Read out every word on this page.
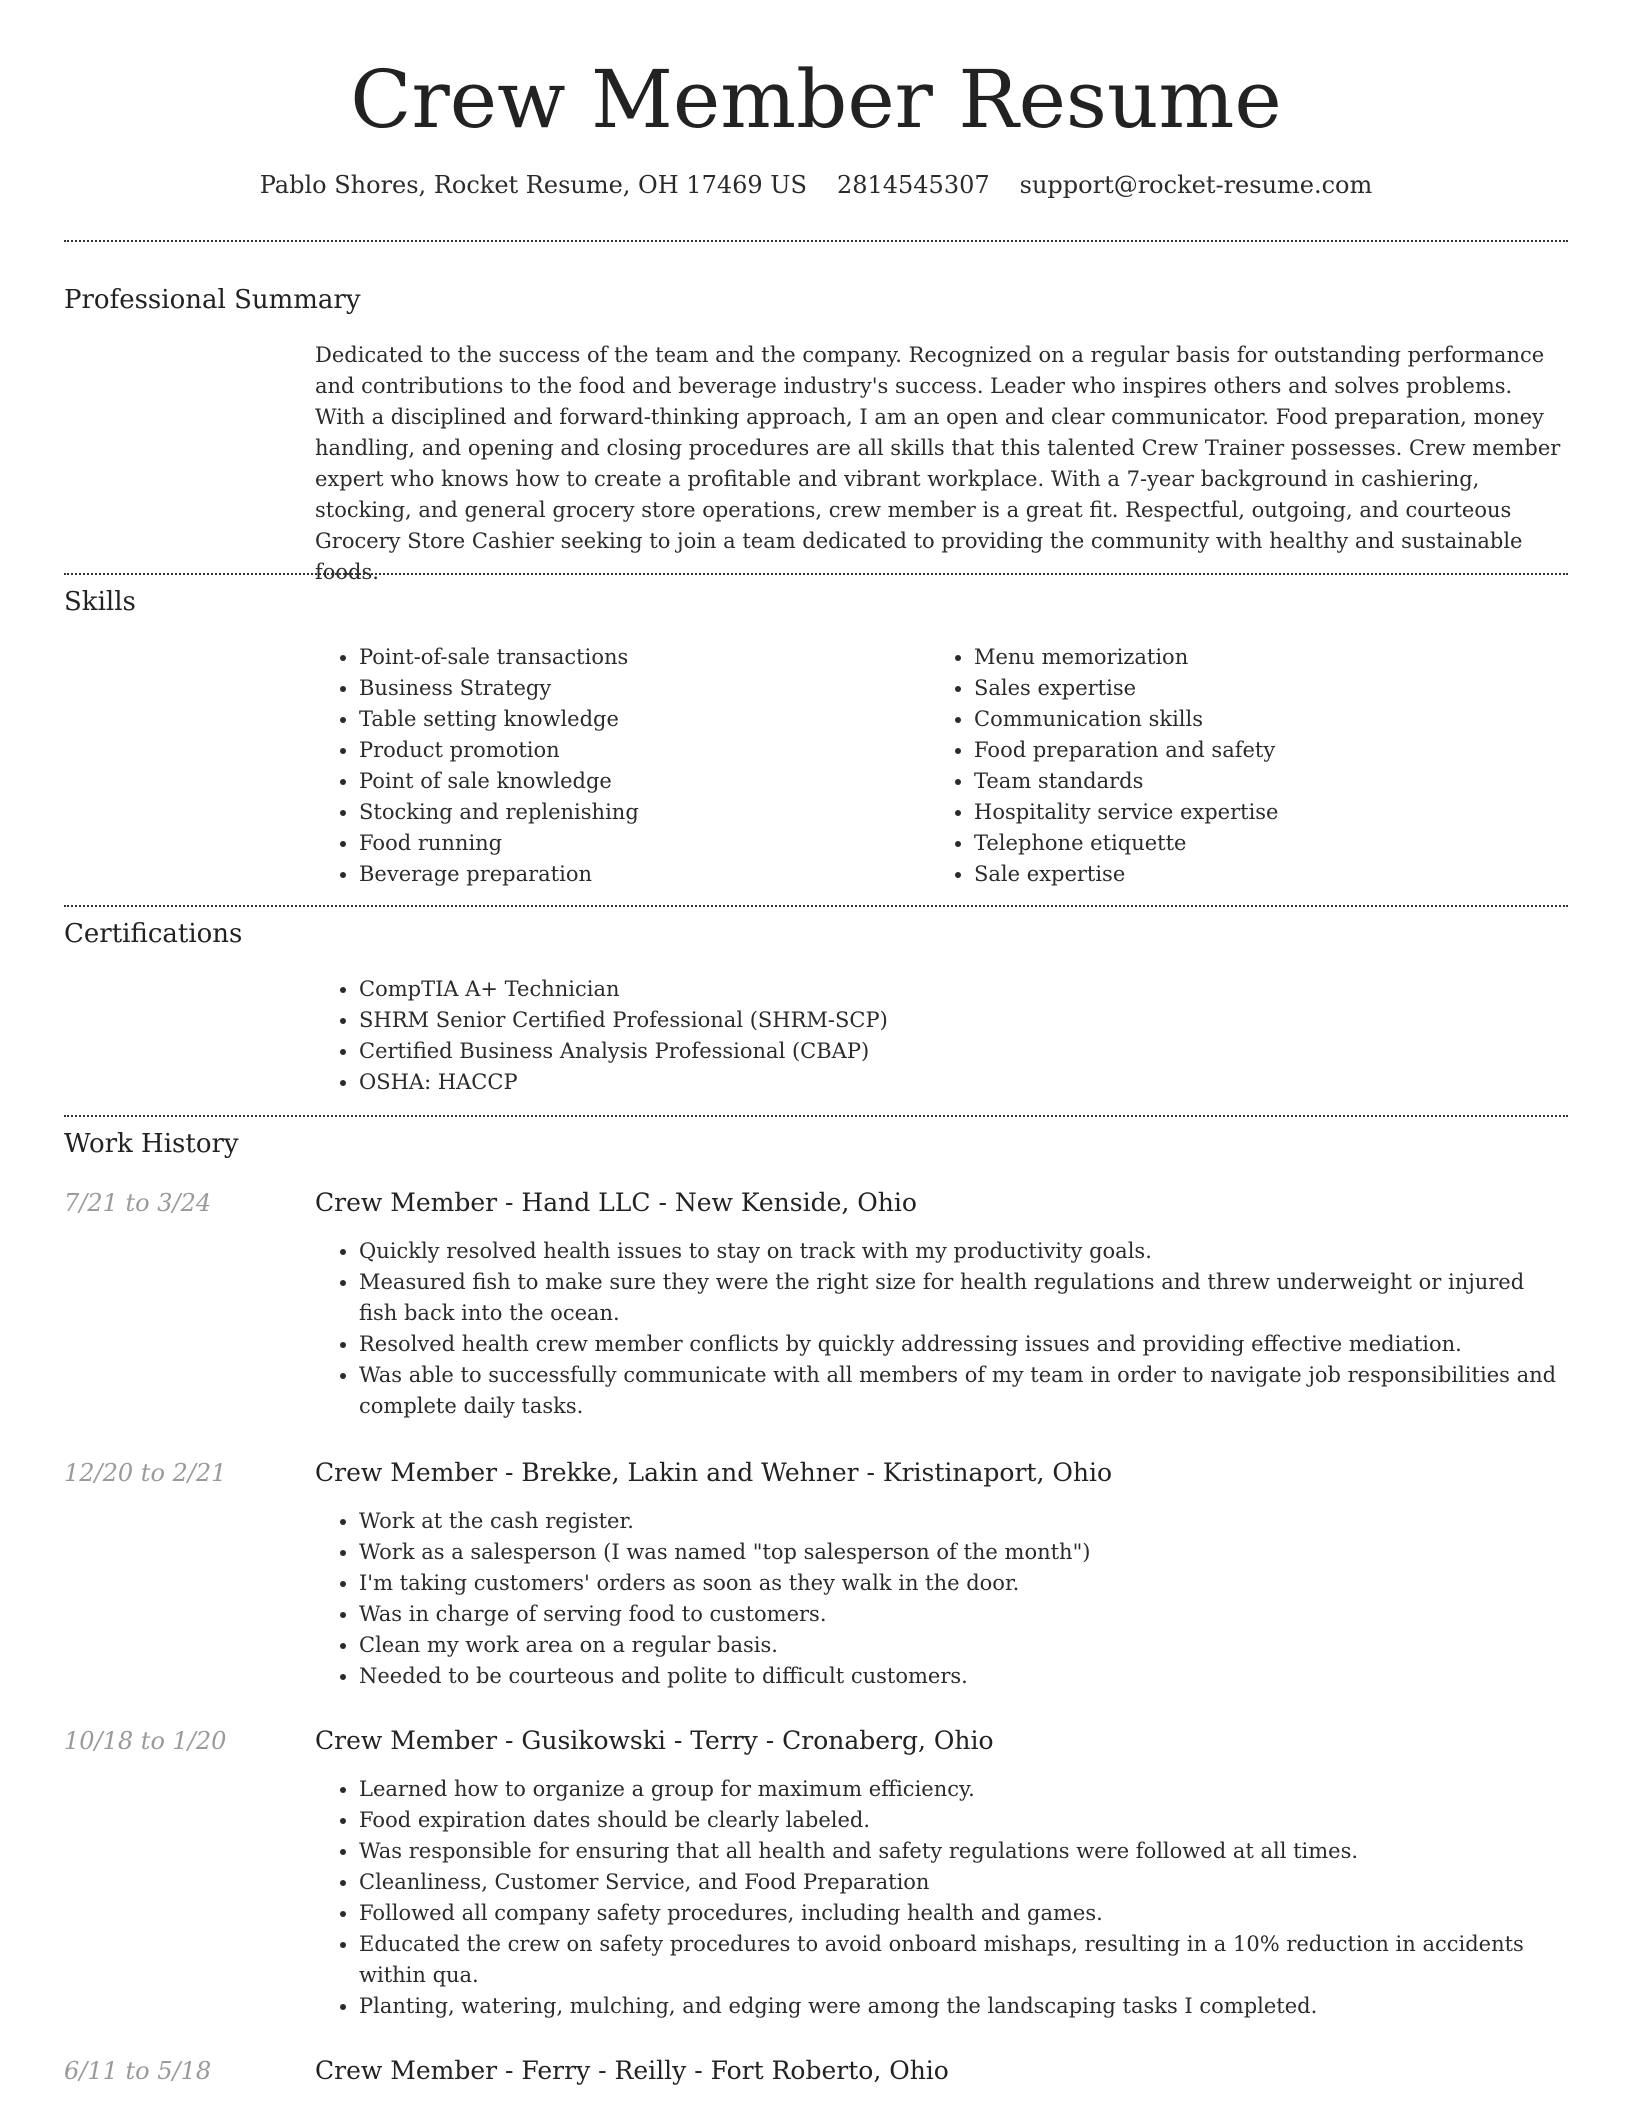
Crew Member Resume
Pablo Shores, Rocket Resume, OH 17469 US 2814545307 support@rocket-resume.com
Professional Summary
Dedicated to the success of the team and the company. Recognized on a regular basis for outstanding performance and contributions to the food and beverage industry's success. Leader who inspires others and solves problems. With a disciplined and forward-thinking approach, I am an open and clear communicator. Food preparation, money handling, and opening and closing procedures are all skills that this talented Crew Trainer possesses. Crew member expert who knows how to create a profitable and vibrant workplace. With a 7-year background in cashiering, stocking, and general grocery store operations, crew member is a great fit. Respectful, outgoing, and courteous Grocery Store Cashier seeking to join a team dedicated to providing the community with healthy and sustainable foods.
Skills
• Point-of-sale transactions
• Business Strategy
• Table setting knowledge
• Product promotion
• Point of sale knowledge
• Stocking and replenishing
• Food running
• Beverage preparation
• Menu memorization
• Sales expertise
• Communication skills
• Food preparation and safety
• Team standards
• Hospitality service expertise
• Telephone etiquette
• Sale expertise
Certifications
• CompTIA A+ Technician
• SHRM Senior Certified Professional (SHRM-SCP)
• Certified Business Analysis Professional (CBAP)
• OSHA: HACCP
Work History
7/21 to 3/24	Crew Member - Hand LLC - New Kenside, Ohio
• Quickly resolved health issues to stay on track with my productivity goals.
• Measured fish to make sure they were the right size for health regulations and threw underweight or injured fish back into the ocean.
• Resolved health crew member conflicts by quickly addressing issues and providing effective mediation.
• Was able to successfully communicate with all members of my team in order to navigate job responsibilities and complete daily tasks.
12/20 to 2/21	Crew Member - Brekke, Lakin and Wehner - Kristinaport, Ohio
• Work at the cash register.
• Work as a salesperson (I was named "top salesperson of the month")
• I'm taking customers' orders as soon as they walk in the door.
• Was in charge of serving food to customers.
• Clean my work area on a regular basis.
• Needed to be courteous and polite to difficult customers.
10/18 to 1/20	Crew Member - Gusikowski - Terry - Cronaberg, Ohio
• Learned how to organize a group for maximum efficiency.
• Food expiration dates should be clearly labeled.
• Was responsible for ensuring that all health and safety regulations were followed at all times.
• Cleanliness, Customer Service, and Food Preparation
• Followed all company safety procedures, including health and games.
• Educated the crew on safety procedures to avoid onboard mishaps, resulting in a 10% reduction in accidents within qua.
• Planting, watering, mulching, and edging were among the landscaping tasks I completed.
6/11 to 5/18	Crew Member - Ferry - Reilly - Fort Roberto, Ohio
